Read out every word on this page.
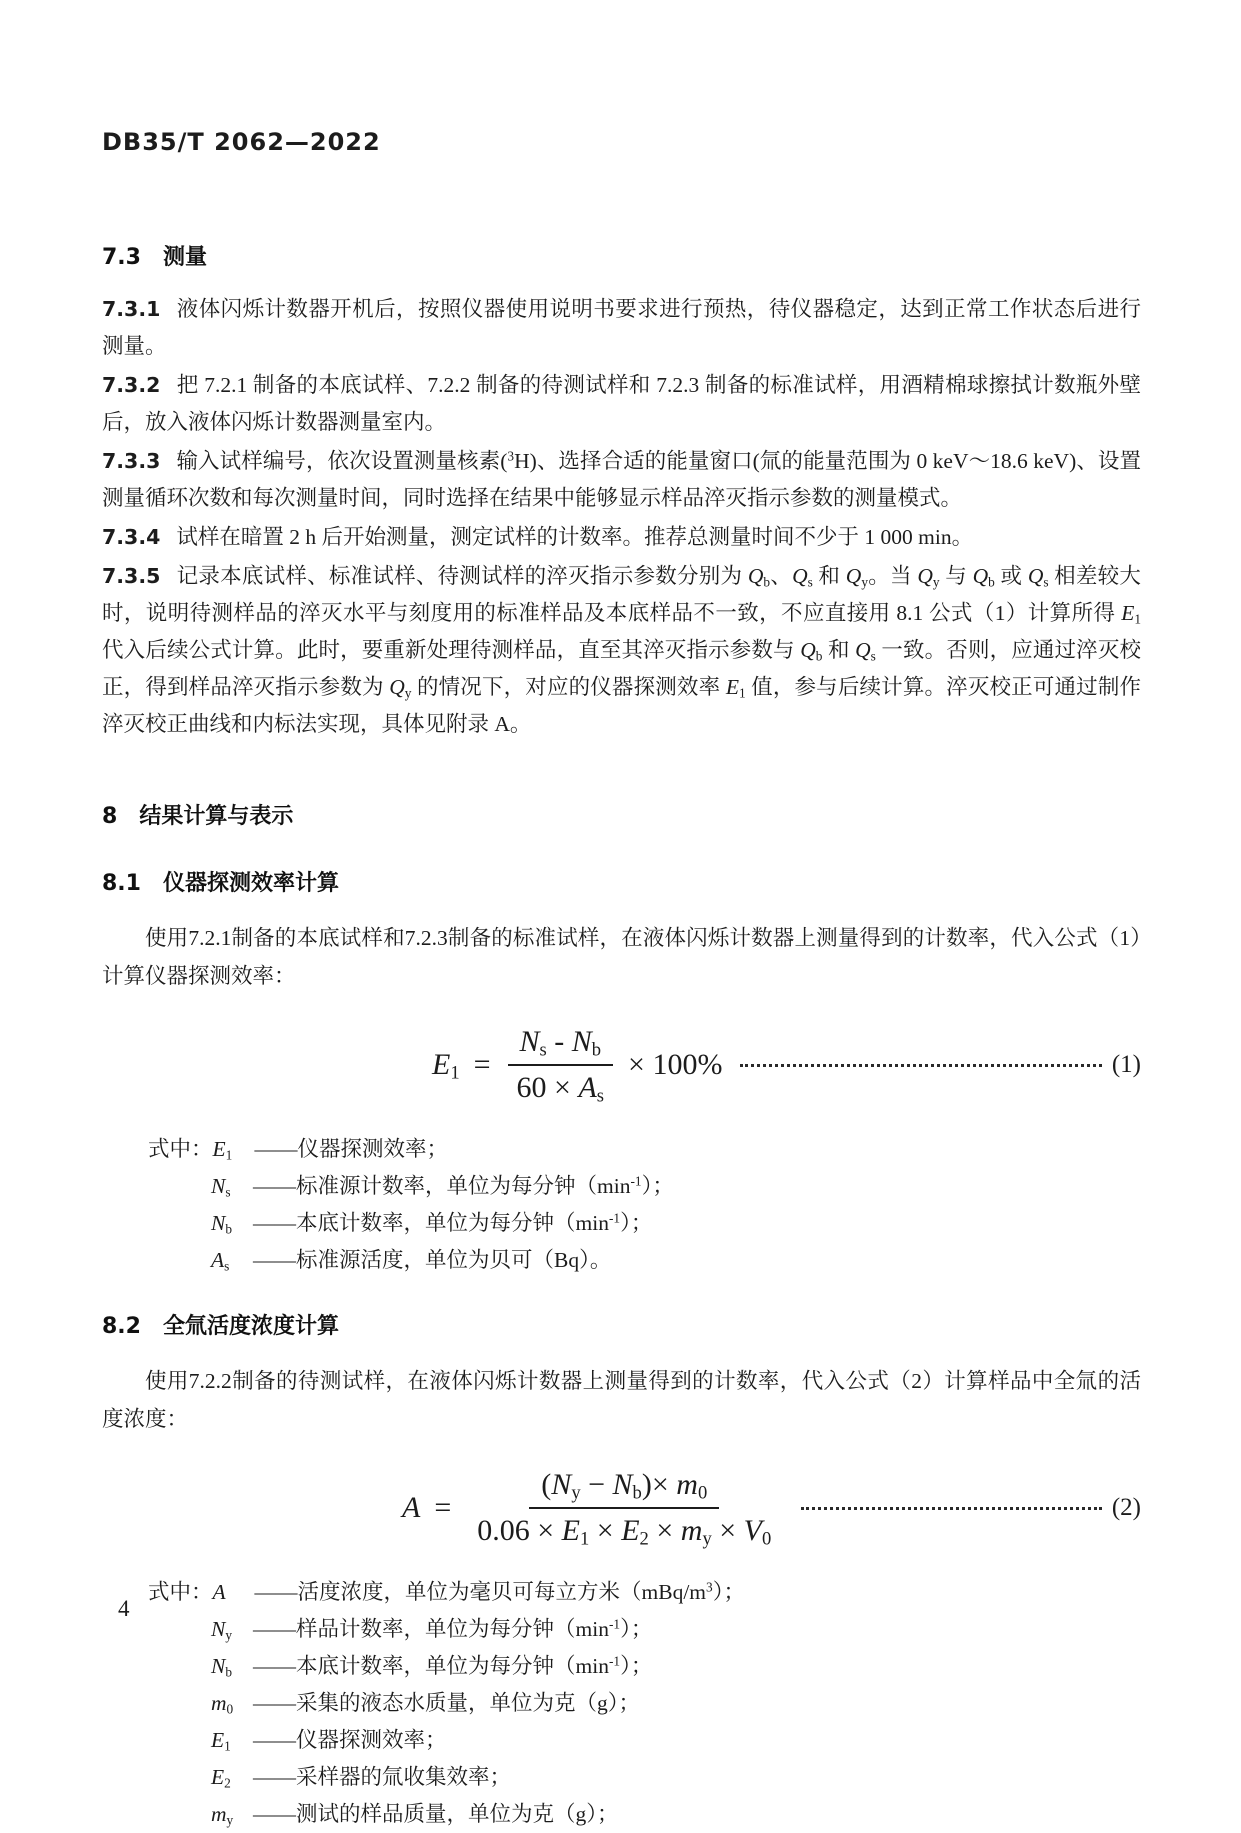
DB35/T 2062—2022
7.3 测量

7.3.1 液体闪烁计数器开机后，按照仪器使用说明书要求进行预热，待仪器稳定，达到正常工作状态后进行测量。

7.3.2 把 7.2.1 制备的本底试样、7.2.2 制备的待测试样和 7.2.3 制备的标准试样，用酒精棉球擦拭计数瓶外壁后，放入液体闪烁计数器测量室内。

7.3.3 输入试样编号，依次设置测量核素($^3$H)、选择合适的能量窗口(氚的能量范围为 0 keV～18.6 keV)、设置测量循环次数和每次测量时间，同时选择在结果中能够显示样品淬灭指示参数的测量模式。

7.3.4 试样在暗置 2 h 后开始测量，测定试样的计数率。推荐总测量时间不少于 1 000 min。

7.3.5 记录本底试样、标准试样、待测试样的淬灭指示参数分别为 $Q_b$、$Q_s$ 和 $Q_y$。当 $Q_y$ 与 $Q_b$ 或 $Q_s$ 相差较大时，说明待测样品的淬灭水平与刻度用的标准样品及本底样品不一致，不应直接用 8.1 公式（1）计算所得 $E_1$ 代入后续公式计算。此时，要重新处理待测样品，直至其淬灭指示参数与 $Q_b$ 和 $Q_s$ 一致。否则，应通过淬灭校正，得到样品淬灭指示参数为 $Q_y$ 的情况下，对应的仪器探测效率 $E_1$ 值，参与后续计算。淬灭校正可通过制作淬灭校正曲线和内标法实现，具体见附录 A。

8 结果计算与表示
8.1 仪器探测效率计算

使用7.2.1制备的本底试样和7.2.3制备的标准试样，在液体闪烁计数器上测量得到的计数率，代入公式（1）计算仪器探测效率：

$E_1 = \frac{N_s - N_b}{60 \times A_s} \times 100\%$	(1)
式中： $E_1$	—— 仪器探测效率；
$N_s$	—— 标准源计数率，单位为每分钟$(\min^{-1})$；
$N_b$ —— 本底计数率，单位为每分钟$(\min^{-1})$；
$A_s$	—— 标准源活度，单位为贝可（Bq）。
8.2 全氚活度浓度计算

使用7.2.2制备的待测试样，在液体闪烁计数器上测量得到的计数率，代入公式（2）计算样品中全氚的活度浓度：

$A = \frac{(N_y - N_b)\times m_0}{0.06 \times E_1 \times E_2 \times m_y \times V_0}$	(2)
式中： A	—— 活度浓度，单位为毫贝可每立方米$(mBq/m^3)$；
$N_y$ —— 样品计数率，单位为每分钟$(\min^{-1})$；
$N_b$ —— 本底计数率，单位为每分钟$(\min^{-1})$；
$m_0$ —— 采集的液态水质量，单位为克（g）；
$E_1$	—— 仪器探测效率；
$E_2$	—— 采样器的氚收集效率；
$m_y$ —— 测试的样品质量，单位为克（g）；
4
